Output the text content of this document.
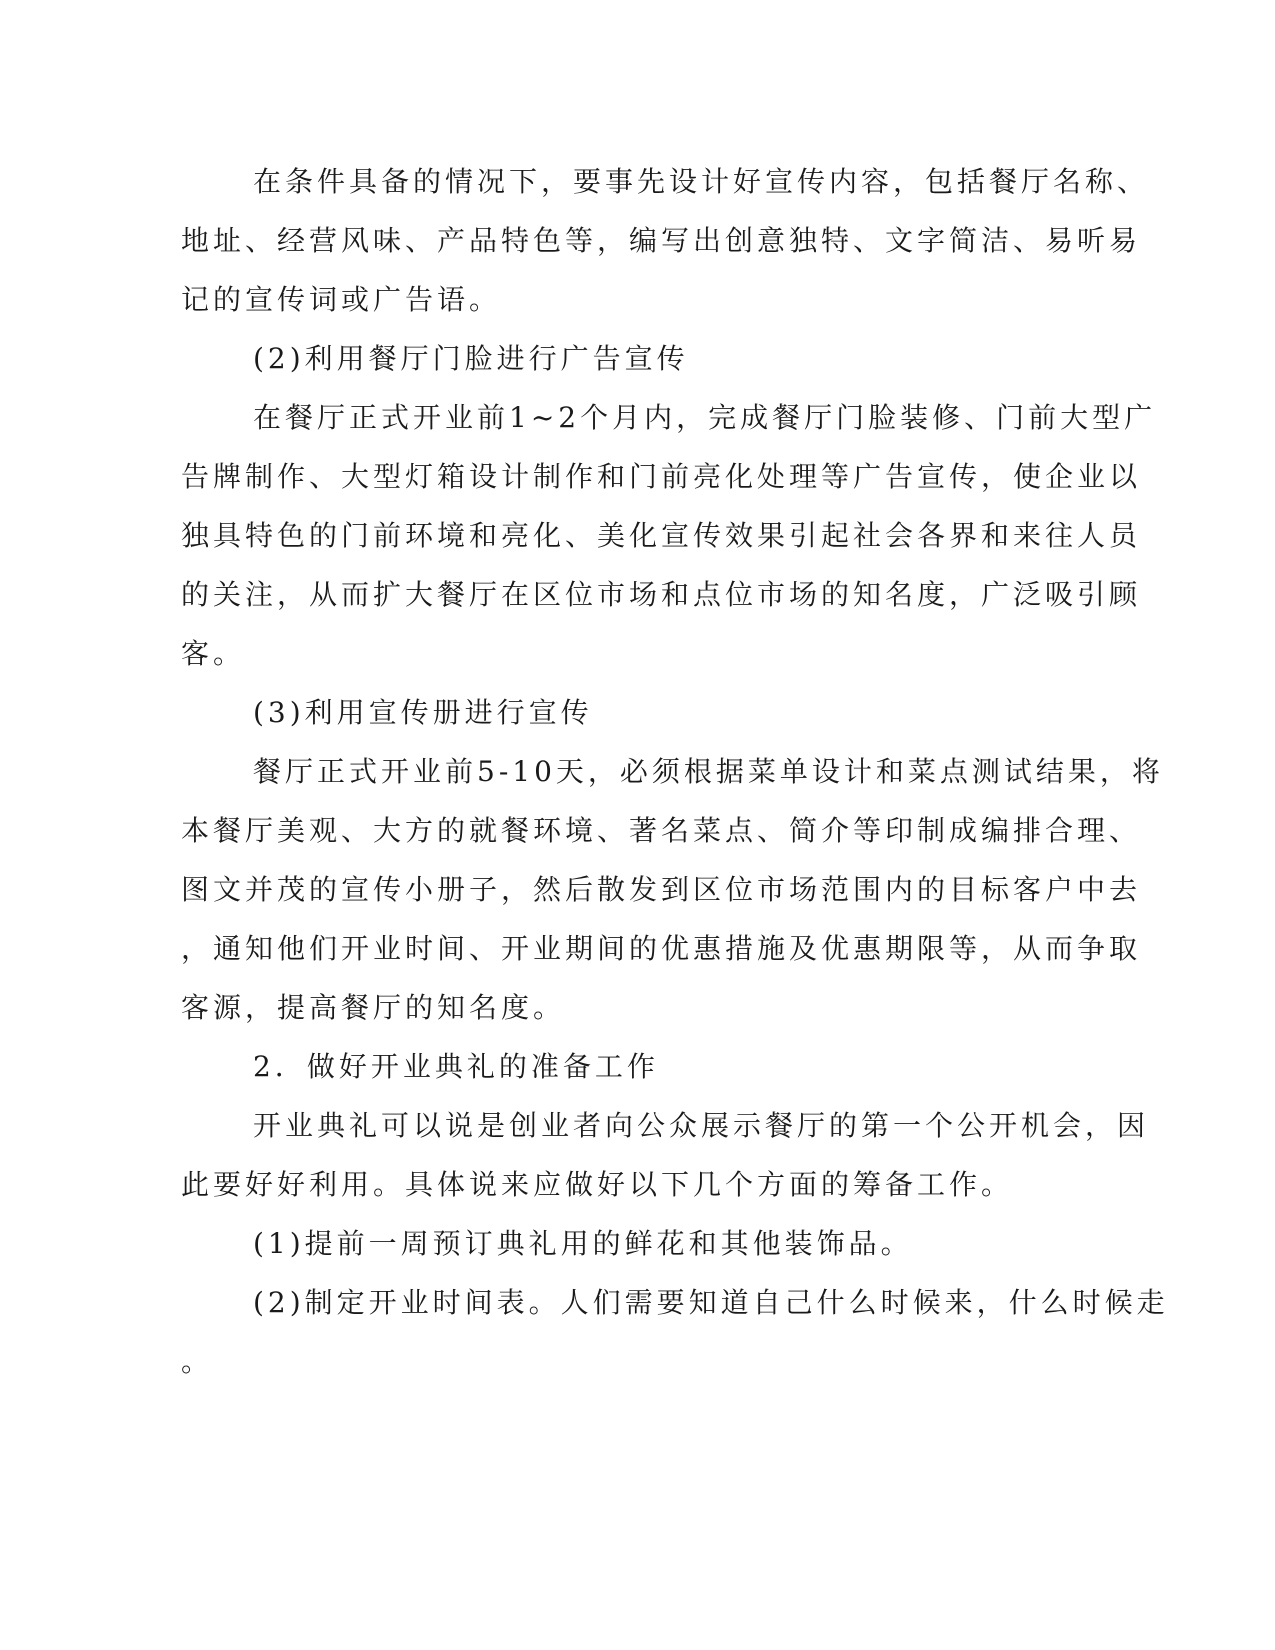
在条件具备的情况下，要事先设计好宣传内容，包括餐厅名称、
地址、经营风味、产品特色等，编写出创意独特、文字简洁、易听易
记的宣传词或广告语。
(2)利用餐厅门脸进行广告宣传
在餐厅正式开业前1~2个月内，完成餐厅门脸装修、门前大型广
告牌制作、大型灯箱设计制作和门前亮化处理等广告宣传，使企业以
独具特色的门前环境和亮化、美化宣传效果引起社会各界和来往人员
的关注，从而扩大餐厅在区位市场和点位市场的知名度，广泛吸引顾
客。
(3)利用宣传册进行宣传
餐厅正式开业前5-10天，必须根据菜单设计和菜点测试结果，将
本餐厅美观、大方的就餐环境、著名菜点、简介等印制成编排合理、
图文并茂的宣传小册子，然后散发到区位市场范围内的目标客户中去
，通知他们开业时间、开业期间的优惠措施及优惠期限等，从而争取
客源，提高餐厅的知名度。
2．做好开业典礼的准备工作
开业典礼可以说是创业者向公众展示餐厅的第一个公开机会，因
此要好好利用。具体说来应做好以下几个方面的筹备工作。
(1)提前一周预订典礼用的鲜花和其他装饰品。
(2)制定开业时间表。人们需要知道自己什么时候来，什么时候走
。
